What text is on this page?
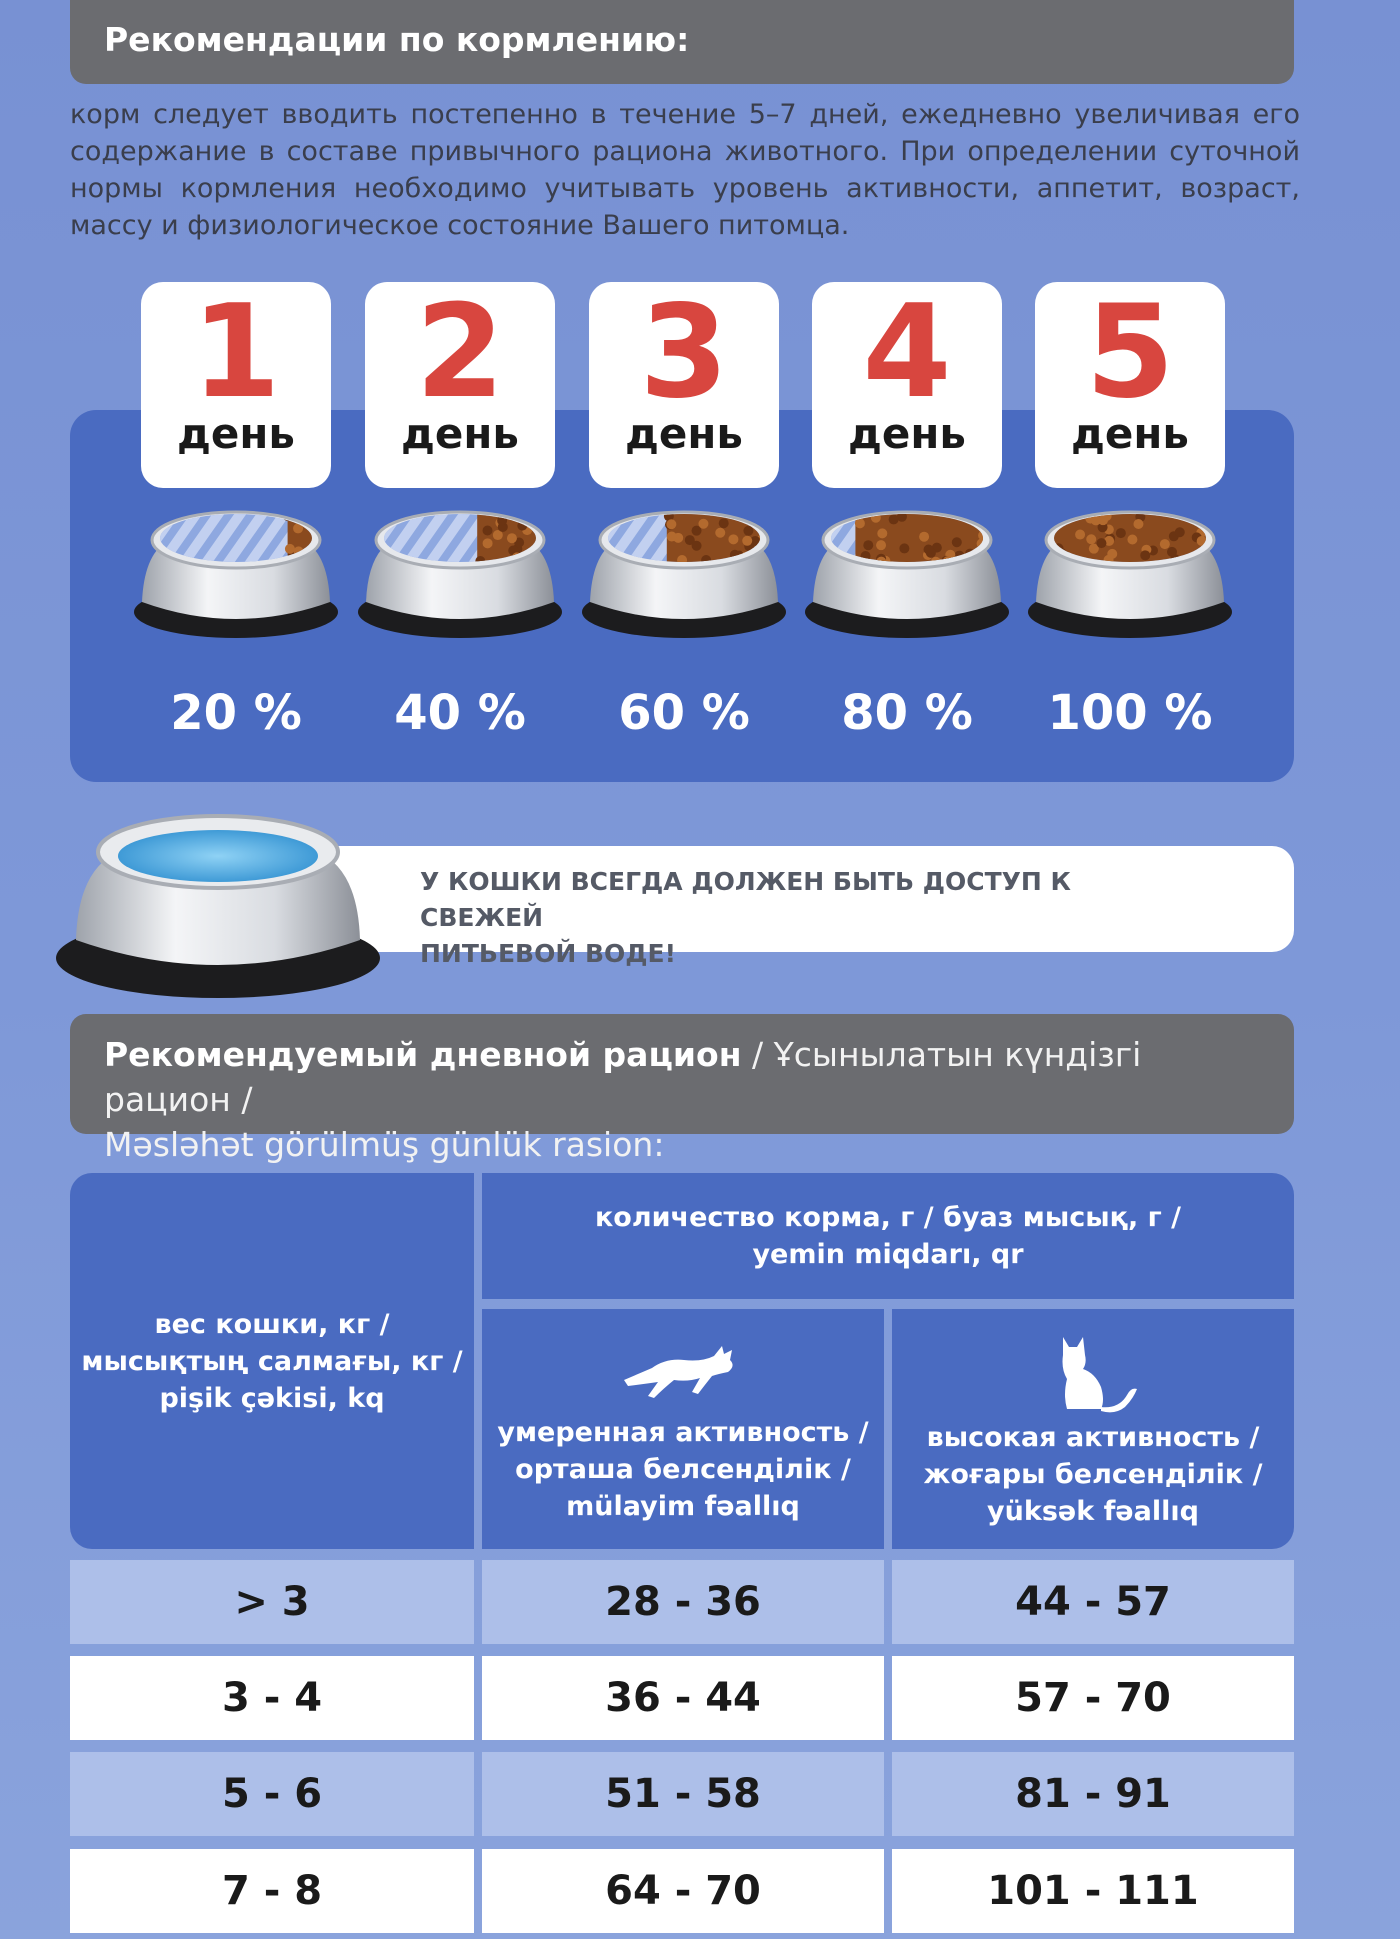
Рекомендации по кормлению:
корм следует вводить постепенно в течение 5–7 дней, ежедневно увеличивая его содержание в составе привычного рациона животного. При определении суточной нормы кормления необходимо учитывать уровень активности, аппетит, возраст, массу и физиологическое состояние Вашего питомца.
1
день
2
день
3
день
4
день
5
день
20 %	40 %	60 %	80 %	100 %
У КОШКИ ВСЕГДА ДОЛЖЕН БЫТЬ ДОСТУП К СВЕЖЕЙ
ПИТЬЕВОЙ ВОДЕ!
Рекомендуемый дневной рацион / Ұсынылатын күндізгі рацион /
Məsləhət görülmüş günlük rasion:
вес кошки, кг /
мысықтың салмағы, кг /
pişik çəkisi, kq
количество корма, г / буаз мысық, г /
yemin miqdarı, qr
умеренная активность /
орташа белсенділік /
mülayim fəallıq
высокая активность /
жоғары белсенділік /
yüksək fəallıq
> 3	28 - 36	44 - 57
3 - 4	36 - 44	57 - 70
5 - 6	51 - 58	81 - 91
7 - 8	64 - 70	101 - 111
